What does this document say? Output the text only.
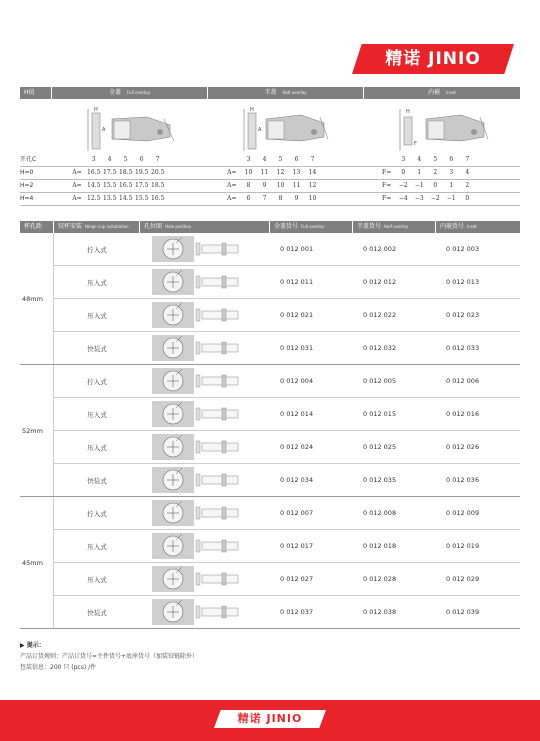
精诺 JINIO
H值	全盖 Full overlay	半盖 Half overlay	内嵌 Inset
H
A
H
A
H
F
开孔C	3	4	5	6	7	3	4	5	6	7	3	4	5	6	7
H=0	A= 16.5 17.5 18.5 19.5 20.5	A=	10	11	12	13	14	F=	0	1	2	3	4
H=2	A= 14.5 15.5 16.5 17.5 18.5	A=	8	9	10	11	12	F=	−2	−1	0	1	2
H=4	A= 12.5 13.5 14.5 15.5 16.5	A=	6	7	8	9	10	F=	−4	−3	−2	−1	0
杯孔距	铰杯安装 Hinge cup installation	孔位图 Hole position	全盖货号 Full overlay	半盖货号 Half overlay	内嵌货号 Inset
48mm
拧入式	0 012 001	0 012 002	0 012 003
压入式	0 012 011	0 012 012	0 012 013
压入式	0 012 021	0 012 022	0 012 023
快装式	0 012 031	0 012 032	0 012 033
52mm
拧入式	0 012 004	0 012 005	0 012 006
压入式	0 012 014	0 012 015	0 012 016
压入式	0 012 024	0 012 025	0 012 026
快装式	0 012 034	0 012 035	0 012 036
45mm
拧入式	0 012 007	0 012 008	0 012 009
压入式	0 012 017	0 012 018	0 012 019
压入式	0 012 027	0 012 028	0 012 029
快装式	0 012 037	0 012 038	0 012 039
▶ 提示：
产品订货规则：产品订货号=主件货号+底座货号（加装铰链除外）
包装信息：200 只 (pcs) /件
精诺 JINIO
